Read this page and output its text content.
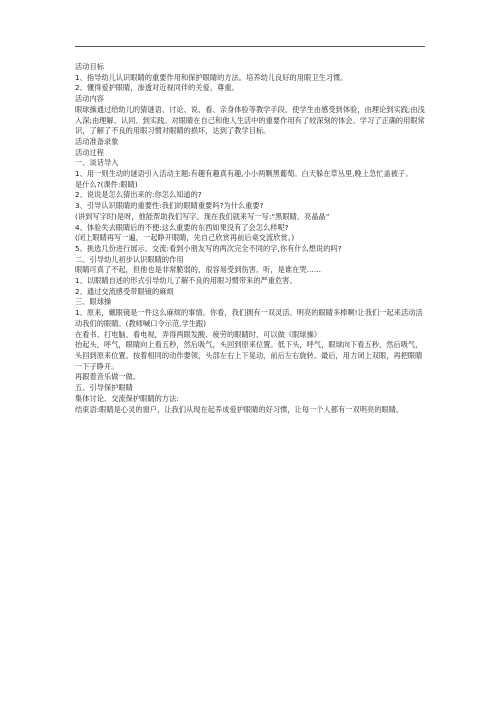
活动目标

1、指导幼儿认识眼睛的重要作用和保护眼睛的方法。培养幼儿良好的用眼卫生习惯。

2、懂得爱护眼睛，渗透对近视同伴的关爱、尊重。

活动内容

眼球操通过给幼儿的猜谜语、讨论、说、看、亲身体验等教学手段，使学生由感受到体验，由理论到实践;由浅入深;由理解、认同、到实践。对眼睛在自己和他人生活中的重要作用有了较深刻的体会。学习了正确的用眼常识，了解了不良的用眼习惯对眼睛的损坏，达到了教学目标。

活动准备录象

活动过程

一、谈话导入

1、用一则生动的谜语引入活动主题:有趣有趣真有趣,小小两颗黑葡萄。白天躲在草丛里,晚上急忙盖被子。

是什么?(课件:眼睛)

2、说说是怎么猜出来的:你怎么知道的?

3、引导认识眼睛的重要性:我们的眼睛重要吗?为什么重要?

(讲到写字时)是呀，他能帮助我们写字。现在我们就来写一写:“黑眼睛，亮晶晶”

4、体验失去眼睛后的不便:这么重要的东西如果没有了会怎么样呢?

(闭上眼睛再写一遍，一起睁开眼睛，先自己欣赏再前后桌交流欣赏。)

5、挑选几份进行展示、交流:看到小朋友写的两次完全不同的字,你有什么想说的吗?

二、引导幼儿初步认识眼睛的作用

眼睛可真了不起，但他也是非常脆弱的，很容易受到伤害。听，是谁在哭……

1、以眼睛自述的形式引导幼儿了解不良的用眼习惯带来的严重危害。

2、通过交流感受带眼镜的麻烦

三、眼球操

1、原来，戴眼镜是一件这么麻烦的事情。你看，我们拥有一双灵活、明亮的眼睛多棒啊!让我们一起来活动活动我们的眼睛。(教师喊口令示范,学生跟)

在看书、打电脑、看电视，弄得两眼发酸、疲劳的眼睛时，可以做《眼球操》

抬起头，呼气，眼睛向上看五秒，然后吸气，头回到原来位置。低下头，呼气，眼球向下看五秒，然后吸气，头回到原来位置。按着相同的动作要领，头部左右上下晃动，前后左右旋转。最后，用力闭上双眼，再把眼睛一下子睁开。

再跟着音乐做一做。

五、引导保护眼睛

集体讨论、交流保护眼睛的方法:

结束语:眼睛是心灵的窗户，让我们从现在起养成爱护眼睛的好习惯，让每一个人都有一双明亮的眼睛。
